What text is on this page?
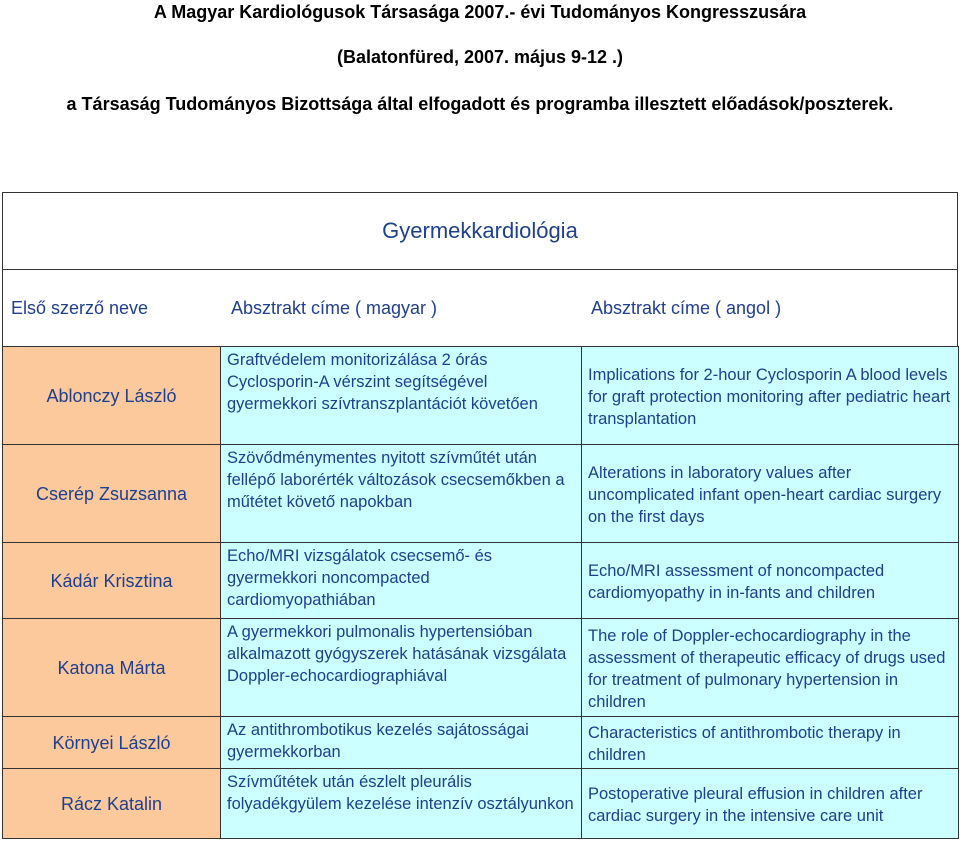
A Magyar Kardiológusok Társasága 2007.- évi Tudományos Kongresszusára
(Balatonfüred, 2007. május 9-12 .)
a Társaság Tudományos Bizottsága által elfogadott és programba illesztett előadások/poszterek.
Gyermekkardiológia
Első szerző neve	Absztrakt címe ( magyar )	Absztrakt címe ( angol )
Ablonczy László	Graftvédelem monitorizálása 2 órás Cyclosporin-A vérszint segítségével gyermekkori szívtranszplantációt követően	Implications for 2-hour Cyclosporin A blood levels for graft protection monitoring after pediatric heart transplantation
Cserép Zsuzsanna	Szövődménymentes nyitott szívműtét után fellépő laborérték változások csecsemőkben a műtétet követő napokban	Alterations in laboratory values after uncomplicated infant open-heart cardiac surgery on the first days
Kádár Krisztina	Echo/MRI vizsgálatok csecsemő- és gyermekkori noncompacted cardiomyopathiában	Echo/MRI assessment of noncompacted cardiomyopathy in in-fants and children
Katona Márta	A gyermekkori pulmonalis hypertensióban alkalmazott gyógyszerek hatásának vizsgálata Doppler-echocardiographiával	The role of Doppler-echocardiography in the assessment of therapeutic efficacy of drugs used for treatment of pulmonary hypertension in children
Környei László	Az antithrombotikus kezelés sajátosságai gyermekkorban	Characteristics of antithrombotic therapy in children
Rácz Katalin	Szívműtétek után észlelt pleurális folyadékgyülem kezelése intenzív osztályunkon	Postoperative pleural effusion in children after cardiac surgery in the intensive care unit
